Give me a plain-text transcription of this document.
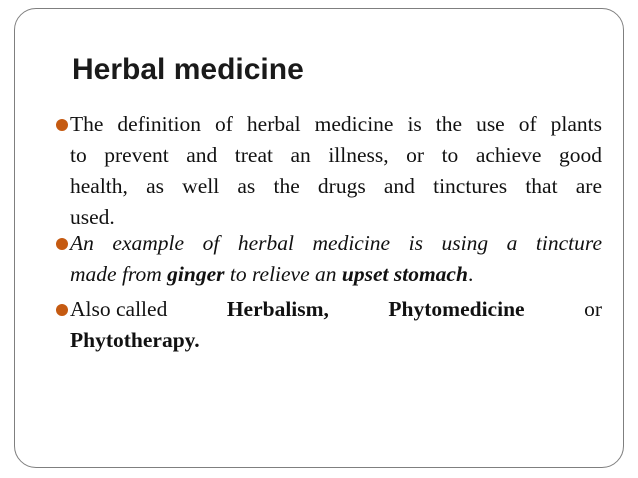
Herbal medicine
The definition of herbal medicine is the use of plants
to prevent and treat an illness, or to achieve good
health, as well as the drugs and tinctures that are
used.
An example of herbal medicine is using a tincture
made from ginger to relieve an upset stomach.
Also called	Herbalism,	Phytomedicine	or
Phytotherapy.
